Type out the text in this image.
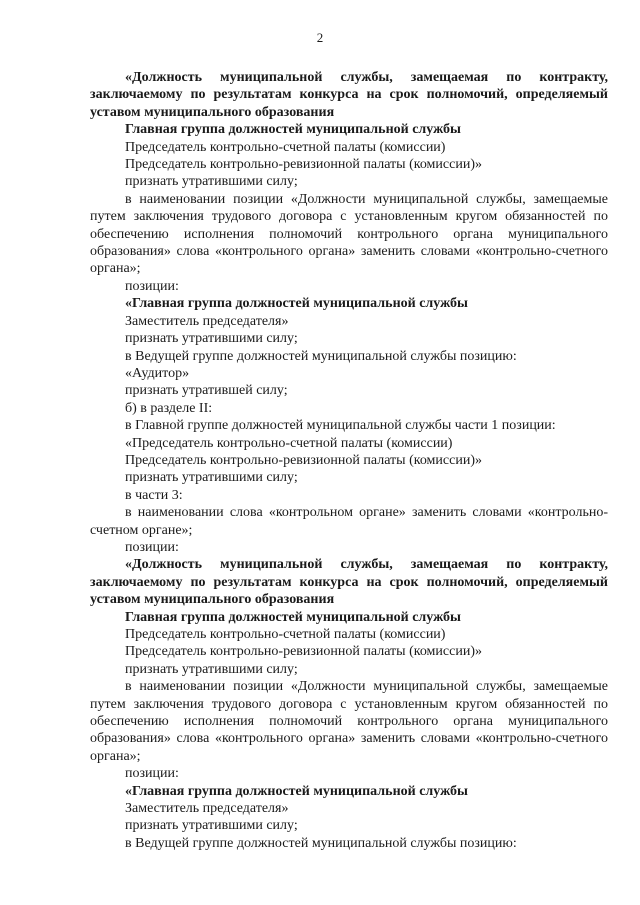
2

«Должность муниципальной службы, замещаемая по контракту, заключаемому по результатам конкурса на срок полномочий, определяемый уставом муниципального образования

Главная группа должностей муниципальной службы

Председатель контрольно-счетной палаты (комиссии)

Председатель контрольно-ревизионной палаты (комиссии)»

признать утратившими силу;

в наименовании позиции «Должности муниципальной службы, замещаемые путем заключения трудового договора с установленным кругом обязанностей по обеспечению исполнения полномочий контрольного органа муниципального образования» слова «контрольного органа» заменить словами «контрольно-счетного органа»;

позиции:

«Главная группа должностей муниципальной службы

Заместитель председателя»

признать утратившими силу;

в Ведущей группе должностей муниципальной службы позицию:

«Аудитор»

признать утратившей силу;

б) в разделе II:

в Главной группе должностей муниципальной службы части 1 позиции:

«Председатель контрольно-счетной палаты (комиссии)

Председатель контрольно-ревизионной палаты (комиссии)»

признать утратившими силу;

в части 3:

в наименовании слова «контрольном органе» заменить словами «контрольно-счетном органе»;

позиции:

«Должность муниципальной службы, замещаемая по контракту, заключаемому по результатам конкурса на срок полномочий, определяемый уставом муниципального образования

Главная группа должностей муниципальной службы

Председатель контрольно-счетной палаты (комиссии)

Председатель контрольно-ревизионной палаты (комиссии)»

признать утратившими силу;

в наименовании позиции «Должности муниципальной службы, замещаемые путем заключения трудового договора с установленным кругом обязанностей по обеспечению исполнения полномочий контрольного органа муниципального образования» слова «контрольного органа» заменить словами «контрольно-счетного органа»;

позиции:

«Главная группа должностей муниципальной службы

Заместитель председателя»

признать утратившими силу;

в Ведущей группе должностей муниципальной службы позицию:
